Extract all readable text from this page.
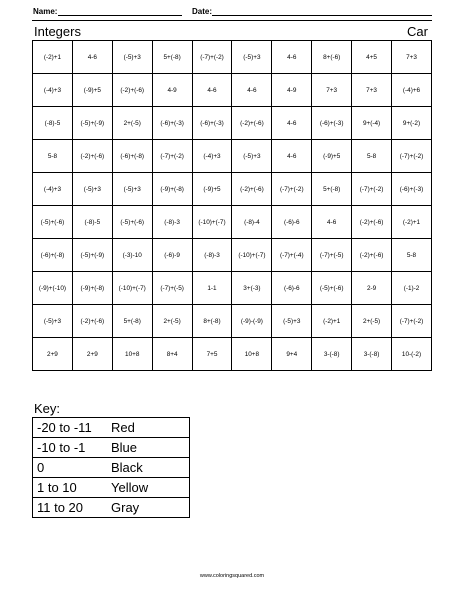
Name:	Date:
Integers	Car
(-2)+1	4-6	(-5)+3	5+(-8)	(-7)+(-2)	(-5)+3	4-6	8+(-6)	4+5	7+3
(-4)+3	(-9)+5	(-2)+(-6)	4-9	4-6	4-6	4-9	7+3	7+3	(-4)+6
(-8)-5	(-5)+(-9)	2+(-5)	(-6)+(-3)	(-6)+(-3)	(-2)+(-6)	4-6	(-6)+(-3)	9+(-4)	9+(-2)
5-8	(-2)+(-6)	(-6)+(-8)	(-7)+(-2)	(-4)+3	(-5)+3	4-6	(-9)+5	5-8	(-7)+(-2)
(-4)+3	(-5)+3	(-5)+3	(-9)+(-8)	(-9)+5	(-2)+(-6)	(-7)+(-2)	5+(-8)	(-7)+(-2)	(-6)+(-3)
(-5)+(-6)	(-8)-5	(-5)+(-6)	(-8)-3	(-10)+(-7)	(-8)-4	(-6)-6	4-6	(-2)+(-6)	(-2)+1
(-6)+(-8)	(-5)+(-9)	(-3)-10	(-6)-9	(-8)-3	(-10)+(-7)	(-7)+(-4)	(-7)+(-5)	(-2)+(-6)	5-8
(-9)+(-10)	(-9)+(-8)	(-10)+(-7)	(-7)+(-5)	1-1	3+(-3)	(-6)-6	(-5)+(-6)	2-9	(-1)-2
(-5)+3	(-2)+(-6)	5+(-8)	2+(-5)	8+(-8)	(-9)-(-9)	(-5)+3	(-2)+1	2+(-5)	(-7)+(-2)
2+9	2+9	10+8	8+4	7+5	10+8	9+4	3-(-8)	3-(-8)	10-(-2)
Key:
-20 to -11	Red
-10 to -1	Blue
0	Black
1 to 10	Yellow
11 to 20	Gray
www.coloringsquared.com
